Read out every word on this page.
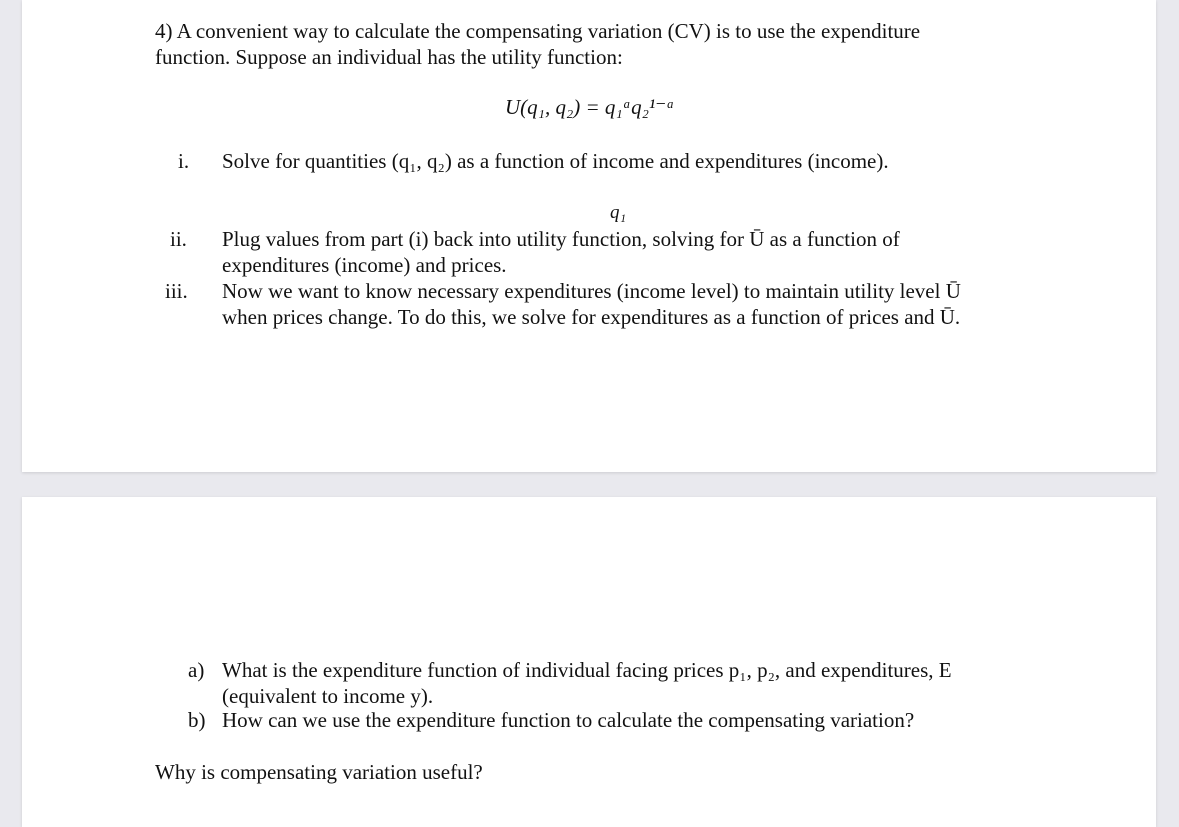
4) A convenient way to calculate the compensating variation (CV) is to use the expenditure
function. Suppose an individual has the utility function:
U(q₁, q₂) = q₁ᵃq₂¹⁻ᵃ
i. Solve for quantities (q₁, q₂) as a function of income and expenditures (income).
q₁
ii. Plug values from part (i) back into utility function, solving for Ū as a function of
expenditures (income) and prices.
iii. Now we want to know necessary expenditures (income level) to maintain utility level Ū
when prices change. To do this, we solve for expenditures as a function of prices and Ū.
a) What is the expenditure function of individual facing prices p₁, p₂, and expenditures, E
(equivalent to income y).
b) How can we use the expenditure function to calculate the compensating variation?
Why is compensating variation useful?
